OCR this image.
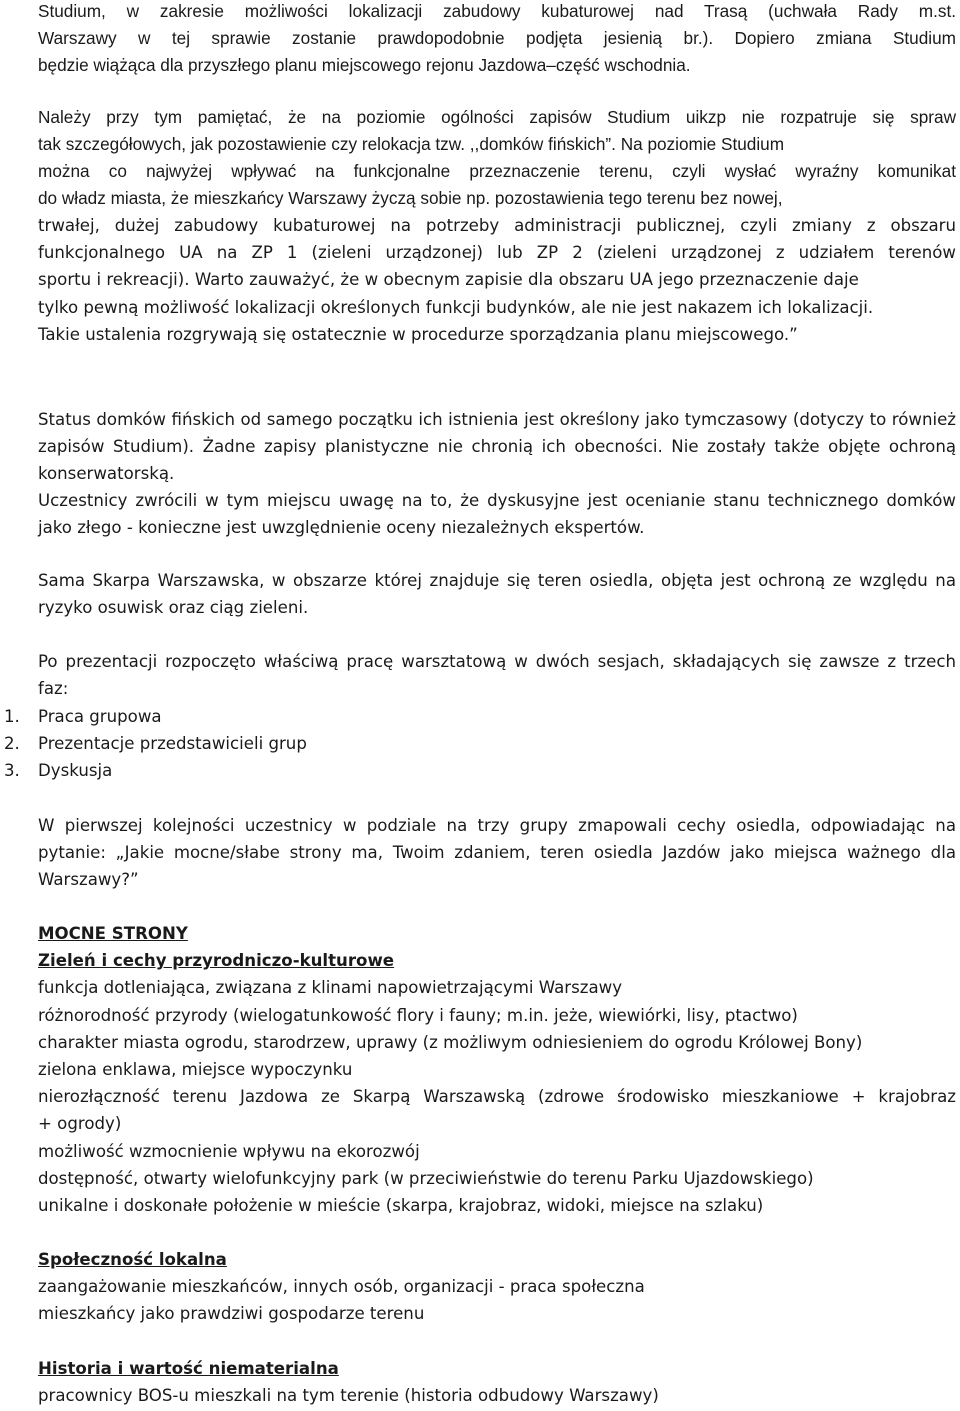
Studium, w zakresie możliwości lokalizacji zabudowy kubaturowej nad Trasą (uchwała Rady m.st.
Warszawy w tej sprawie zostanie prawdopodobnie podjęta jesienią br.). Dopiero zmiana Studium
będzie wiążąca dla przyszłego planu miejscowego rejonu Jazdowa–część wschodnia.
Należy przy tym pamiętać, że na poziomie ogólności zapisów Studium uikzp nie rozpatruje się spraw
tak szczegółowych, jak pozostawienie czy relokacja tzw. ,,domków fińskich”. Na poziomie Studium
można co najwyżej wpływać na funkcjonalne przeznaczenie terenu, czyli wysłać wyraźny komunikat
do władz miasta, że mieszkańcy Warszawy życzą sobie np. pozostawienia tego terenu bez nowej,
trwałej, dużej zabudowy kubaturowej na potrzeby administracji publicznej, czyli zmiany z obszaru
funkcjonalnego UA na ZP 1 (zieleni urządzonej) lub ZP 2 (zieleni urządzonej z udziałem terenów
sportu i rekreacji). Warto zauważyć, że w obecnym zapisie dla obszaru UA jego przeznaczenie daje
tylko pewną możliwość lokalizacji określonych funkcji budynków, ale nie jest nakazem ich lokalizacji.
Takie ustalenia rozgrywają się ostatecznie w procedurze sporządzania planu miejscowego.”

Status domków fińskich od samego początku ich istnienia jest określony jako tymczasowy (dotyczy to również zapisów Studium). Żadne zapisy planistyczne nie chronią ich obecności. Nie zostały także objęte ochroną konserwatorską.

Uczestnicy zwrócili w tym miejscu uwagę na to, że dyskusyjne jest ocenianie stanu technicznego domków jako złego - konieczne jest uwzględnienie oceny niezależnych ekspertów.

Sama Skarpa Warszawska, w obszarze której znajduje się teren osiedla, objęta jest ochroną ze względu na ryzyko osuwisk oraz ciąg zieleni.

Po prezentacji rozpoczęto właściwą pracę warsztatową w dwóch sesjach, składających się zawsze z trzech faz:

1. Praca grupowa
2. Prezentacje przedstawicieli grup
3. Dyskusja

W pierwszej kolejności uczestnicy w podziale na trzy grupy zmapowali cechy osiedla, odpowiadając na pytanie: „Jakie mocne/słabe strony ma, Twoim zdaniem, teren osiedla Jazdów jako miejsca ważnego dla Warszawy?”

MOCNE STRONY
Zieleń i cechy przyrodniczo-kulturowe
funkcja dotleniająca, związana z klinami napowietrzającymi Warszawy
różnorodność przyrody (wielogatunkowość flory i fauny; m.in. jeże, wiewiórki, lisy, ptactwo)
charakter miasta ogrodu, starodrzew, uprawy (z możliwym odniesieniem do ogrodu Królowej Bony)
zielona enklawa, miejsce wypoczynku
nierozłączność terenu Jazdowa ze Skarpą Warszawską (zdrowe środowisko mieszkaniowe + krajobraz
+ ogrody)
możliwość wzmocnienie wpływu na ekorozwój
dostępność, otwarty wielofunkcyjny park (w przeciwieństwie do terenu Parku Ujazdowskiego)
unikalne i doskonałe położenie w mieście (skarpa, krajobraz, widoki, miejsce na szlaku)
Społeczność lokalna
zaangażowanie mieszkańców, innych osób, organizacji - praca społeczna
mieszkańcy jako prawdziwi gospodarze terenu
Historia i wartość niematerialna
pracownicy BOS-u mieszkali na tym terenie (historia odbudowy Warszawy)
